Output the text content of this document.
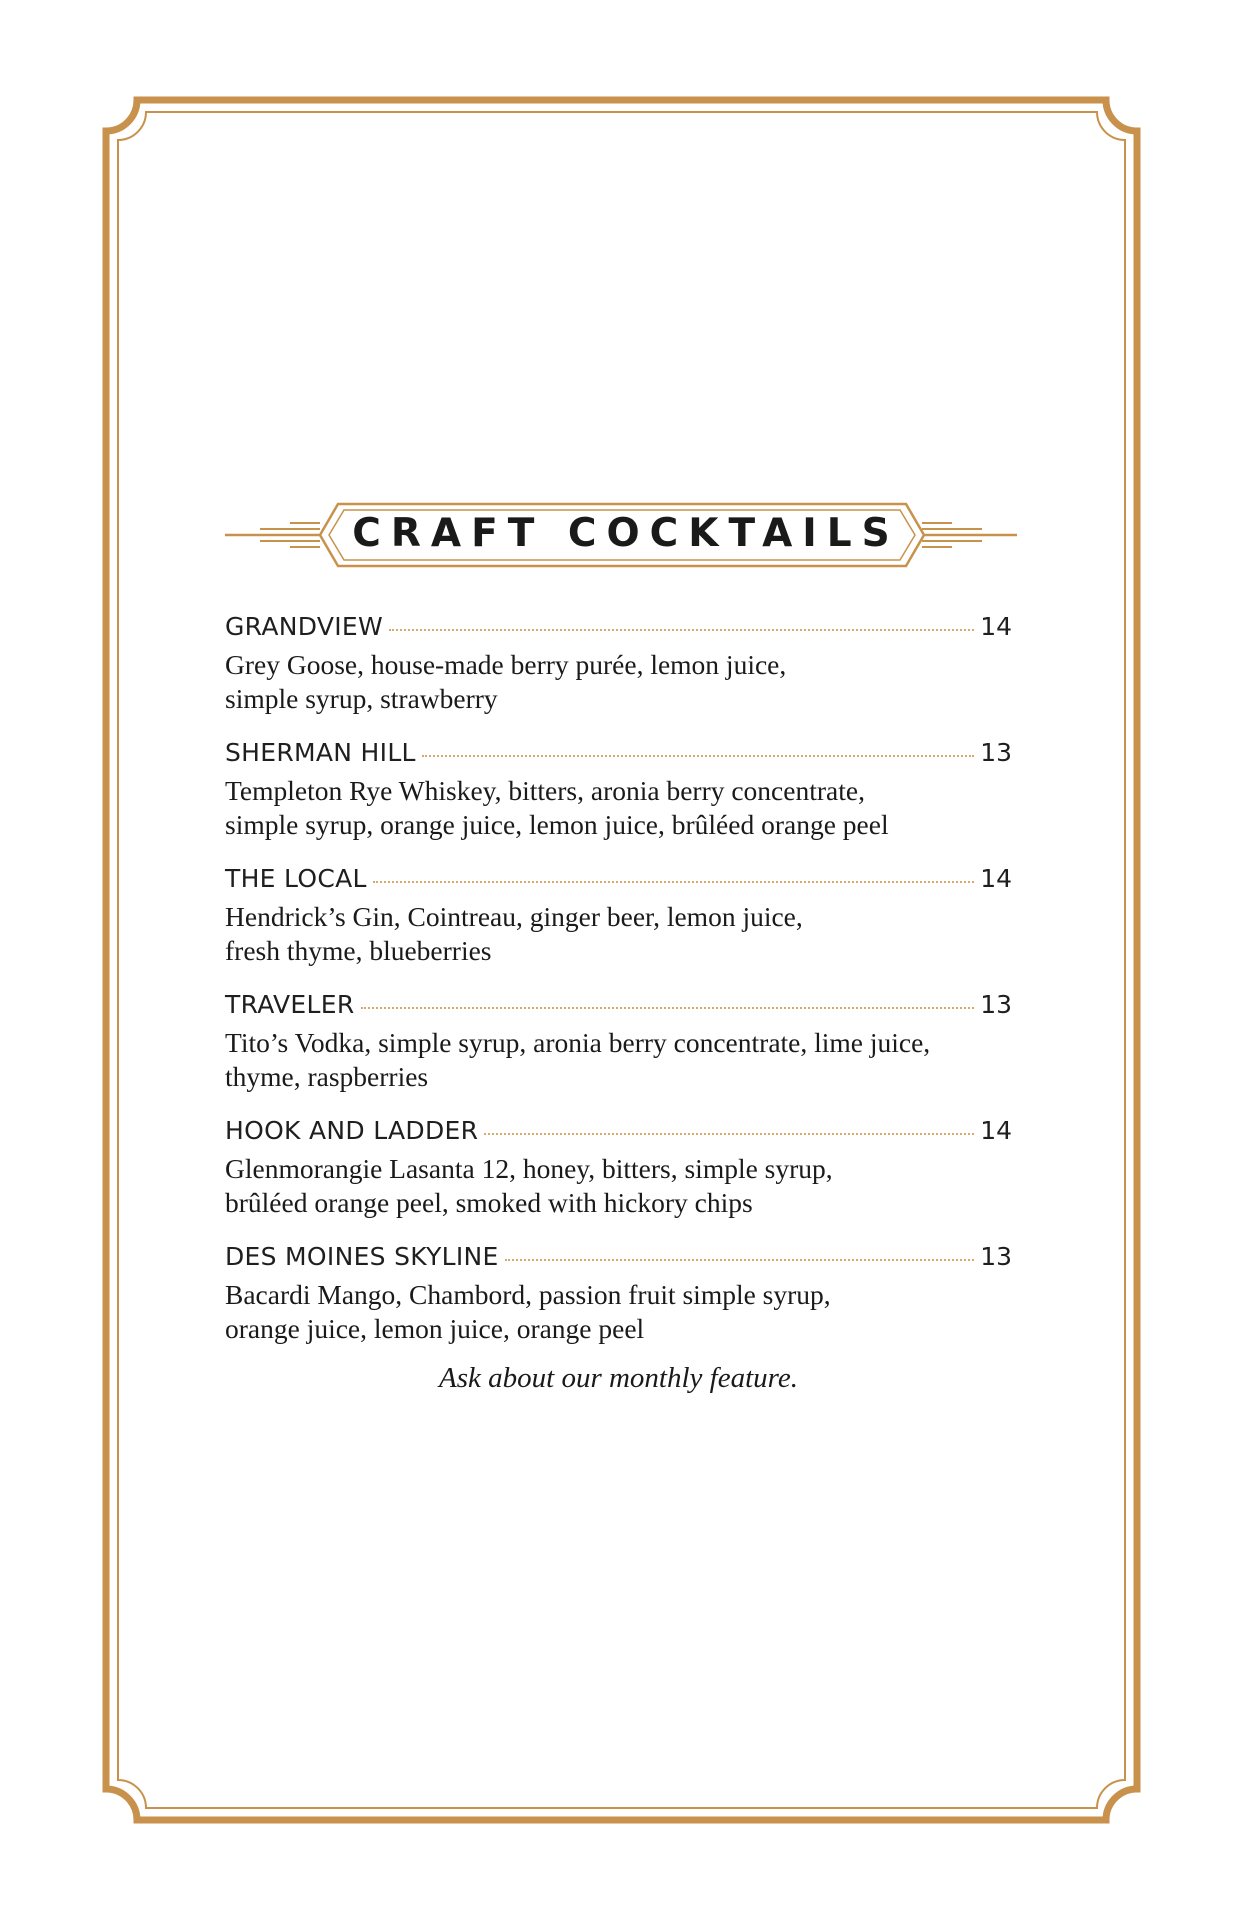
CRAFT COCKTAILS
GRANDVIEW	14
Grey Goose, house-made berry purée, lemon juice,
simple syrup, strawberry
SHERMAN HILL	13
Templeton Rye Whiskey, bitters, aronia berry concentrate,
simple syrup, orange juice, lemon juice, brûléed orange peel
THE LOCAL	14
Hendrick’s Gin, Cointreau, ginger beer, lemon juice,
fresh thyme, blueberries
TRAVELER	13
Tito’s Vodka, simple syrup, aronia berry concentrate, lime juice,
thyme, raspberries
HOOK AND LADDER	14
Glenmorangie Lasanta 12, honey, bitters, simple syrup,
brûléed orange peel, smoked with hickory chips
DES MOINES SKYLINE	13
Bacardi Mango, Chambord, passion fruit simple syrup,
orange juice, lemon juice, orange peel
Ask about our monthly feature.
